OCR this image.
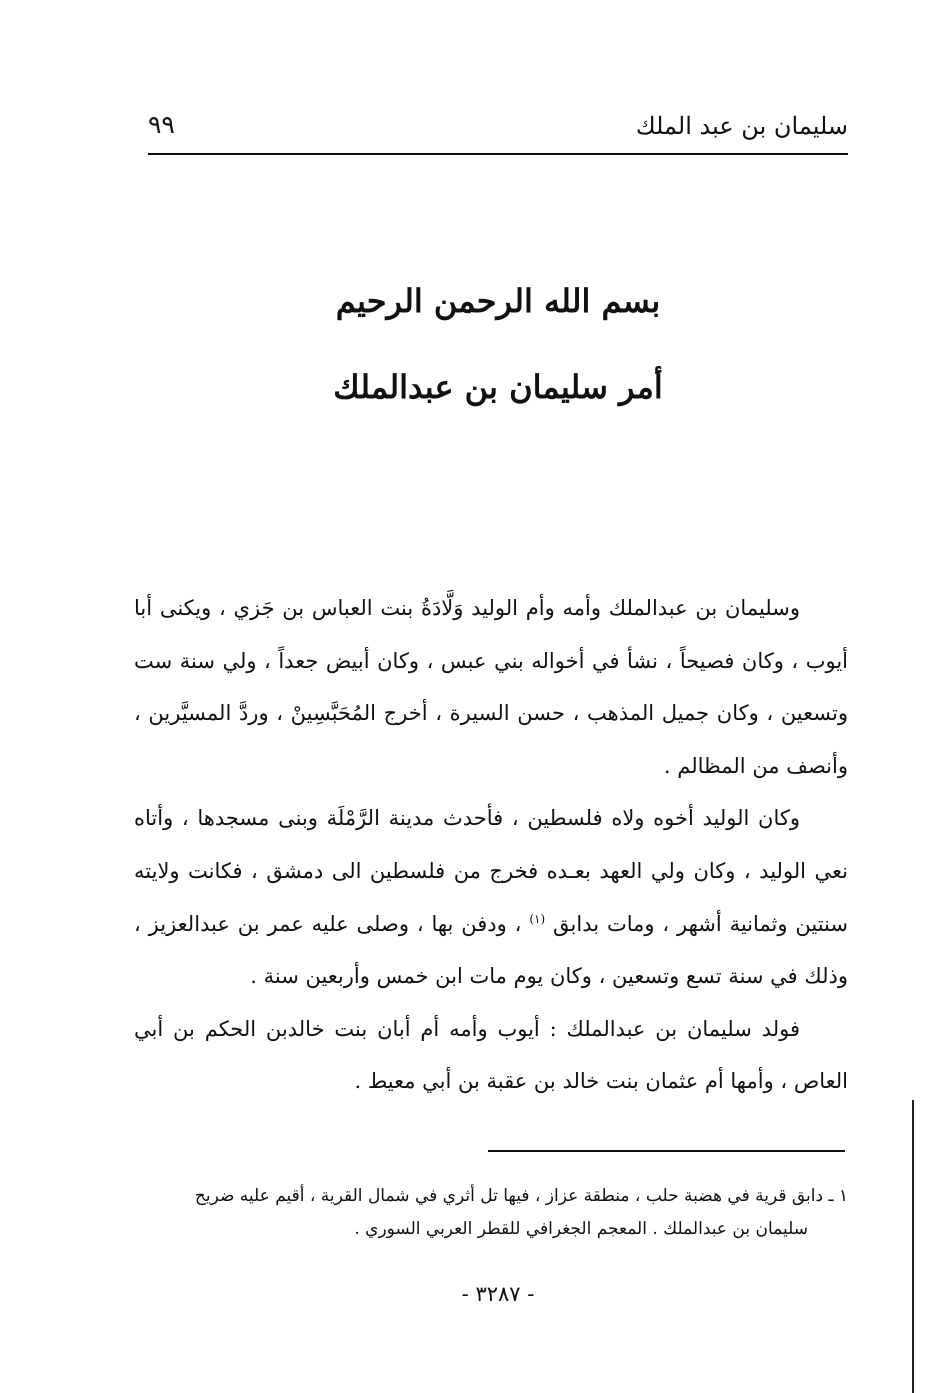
سليمان بن عبد الملك
٩٩
بسم الله الرحمن الرحيم
أمر سليمان بن عبدالملك

وسليمان بن عبدالملك وأمه وأم الوليد وَلَّادَةُ بنت العباس بن جَزي ، ويكنى أبا أيوب ، وكان فصيحاً ، نشأ في أخواله بني عبس ، وكان أبيض جعداً ، ولي سنة ست وتسعين ، وكان جميل المذهب ، حسن السيرة ، أخرج المُحَبَّسِينْ ، وردَّ المسيَّرين ، وأنصف من المظالم .

وكان الوليد أخوه ولاه فلسطين ، فأحدث مدينة الرَّمْلَة وبنى مسجدها ، وأتاه نعي الوليد ، وكان ولي العهد بعـده فخرج من فلسطين الى دمشق ، فكانت ولايته سنتين وثمانية أشهر ، ومات بدابق $^{(١)}$ ، ودفن بها ، وصلى عليه عمر بن عبدالعزيز ، وذلك في سنة تسع وتسعين ، وكان يوم مات ابن خمس وأربعين سنة .

فولد سليمان بن عبدالملك : أيوب وأمه أم أبان بنت خالدبن الحكم بن أبي العاص ، وأمها أم عثمان بنت خالد بن عقبة بن أبي معيط .

١ ـ دابق قرية في هضبة حلب ، منطقة عزاز ، فيها تل أثري في شمال القرية ، أقيم عليه ضريح

سليمان بن عبدالملك . المعجم الجغرافي للقطر العربي السوري .

- ٣٢٨٧ -
